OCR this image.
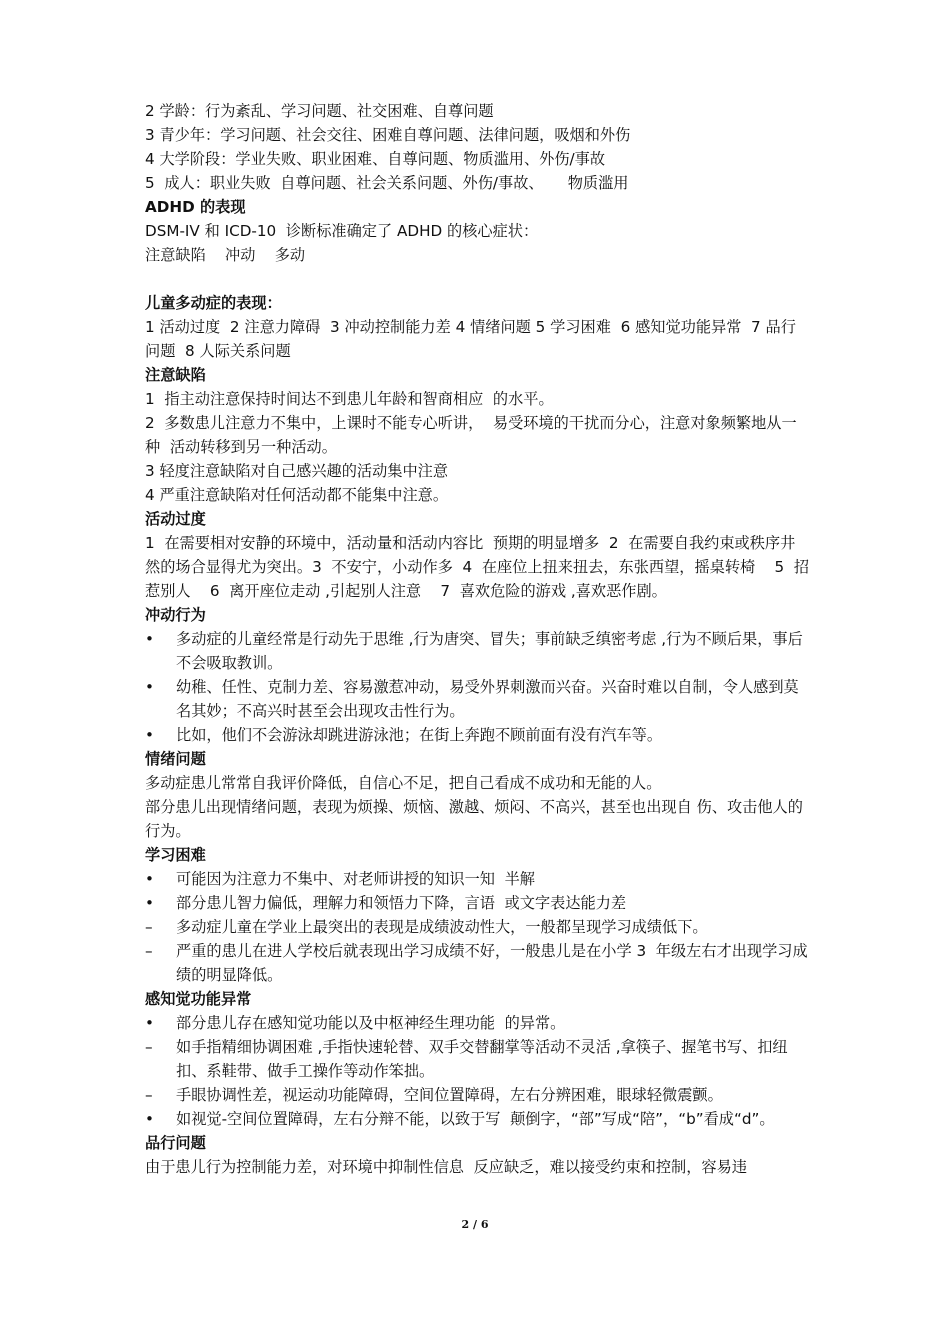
2 学龄：行为紊乱、学习问题、社交困难、自尊问题

3 青少年：学习问题、社会交往、困难自尊问题、法律问题，吸烟和外伤

4 大学阶段：学业失败、职业困难、自尊问题、物质滥用、外伤/事故

5  成人：职业失败  自尊问题、社会关系问题、外伤/事故、     物质滥用

ADHD 的表现

DSM-IV 和 ICD-10  诊断标准确定了 ADHD 的核心症状：

注意缺陷    冲动    多动

儿童多动症的表现：

1 活动过度  2 注意力障碍  3 冲动控制能力差 4 情绪问题 5 学习困难  6 感知觉功能异常  7 品行问题  8 人际关系问题

注意缺陷

1  指主动注意保持时间达不到患儿年龄和智商相应  的水平。

2  多数患儿注意力不集中，上课时不能专心听讲，  易受环境的干扰而分心，注意对象频繁地从一种  活动转移到另一种活动。

3 轻度注意缺陷对自己感兴趣的活动集中注意

4 严重注意缺陷对任何活动都不能集中注意。

活动过度

1  在需要相对安静的环境中，活动量和活动内容比  预期的明显增多  2  在需要自我约束或秩序井然的场合显得尤为突出。3  不安宁，小动作多  4  在座位上扭来扭去，东张西望，摇桌转椅    5  招惹别人    6  离开座位走动 ,引起别人注意    7  喜欢危险的游戏 ,喜欢恶作剧。

冲动行为

•	多动症的儿童经常是行动先于思维 ,行为唐突、冒失；事前缺乏缜密考虑 ,行为不顾后果，事后不会吸取教训。
•	幼稚、任性、克制力差、容易激惹冲动，易受外界刺激而兴奋。兴奋时难以自制，令人感到莫名其妙；不高兴时甚至会出现攻击性行为。
•	比如，他们不会游泳却跳进游泳池；在街上奔跑不顾前面有没有汽车等。

情绪问题

多动症患儿常常自我评价降低，自信心不足，把自己看成不成功和无能的人。

部分患儿出现情绪问题，表现为烦操、烦恼、激越、烦闷、不高兴，甚至也出现自 伤、攻击他人的行为。

学习困难

•	可能因为注意力不集中、对老师讲授的知识一知  半解
•	部分患儿智力偏低，理解力和领悟力下降，言语  或文字表达能力差
–	多动症儿童在学业上最突出的表现是成绩波动性大，一般都呈现学习成绩低下。
–	严重的患儿在进人学校后就表现出学习成绩不好，一般患儿是在小学 3  年级左右才出现学习成绩的明显降低。

感知觉功能异常

•	部分患儿存在感知觉功能以及中枢神经生理功能  的异常。
–	如手指精细协调困难 ,手指快速轮替、双手交替翻掌等活动不灵活 ,拿筷子、握笔书写、扣纽扣、系鞋带、做手工操作等动作笨拙。
–	手眼协调性差，视运动功能障碍，空间位置障碍，左右分辨困难，眼球轻微震颤。
•	如视觉-空间位置障碍，左右分辩不能，以致于写  颠倒字，“部”写成“陪”，“b”看成“d”。

品行问题

由于患儿行为控制能力差，对环境中抑制性信息  反应缺乏，难以接受约束和控制，容易违

2 / 6
